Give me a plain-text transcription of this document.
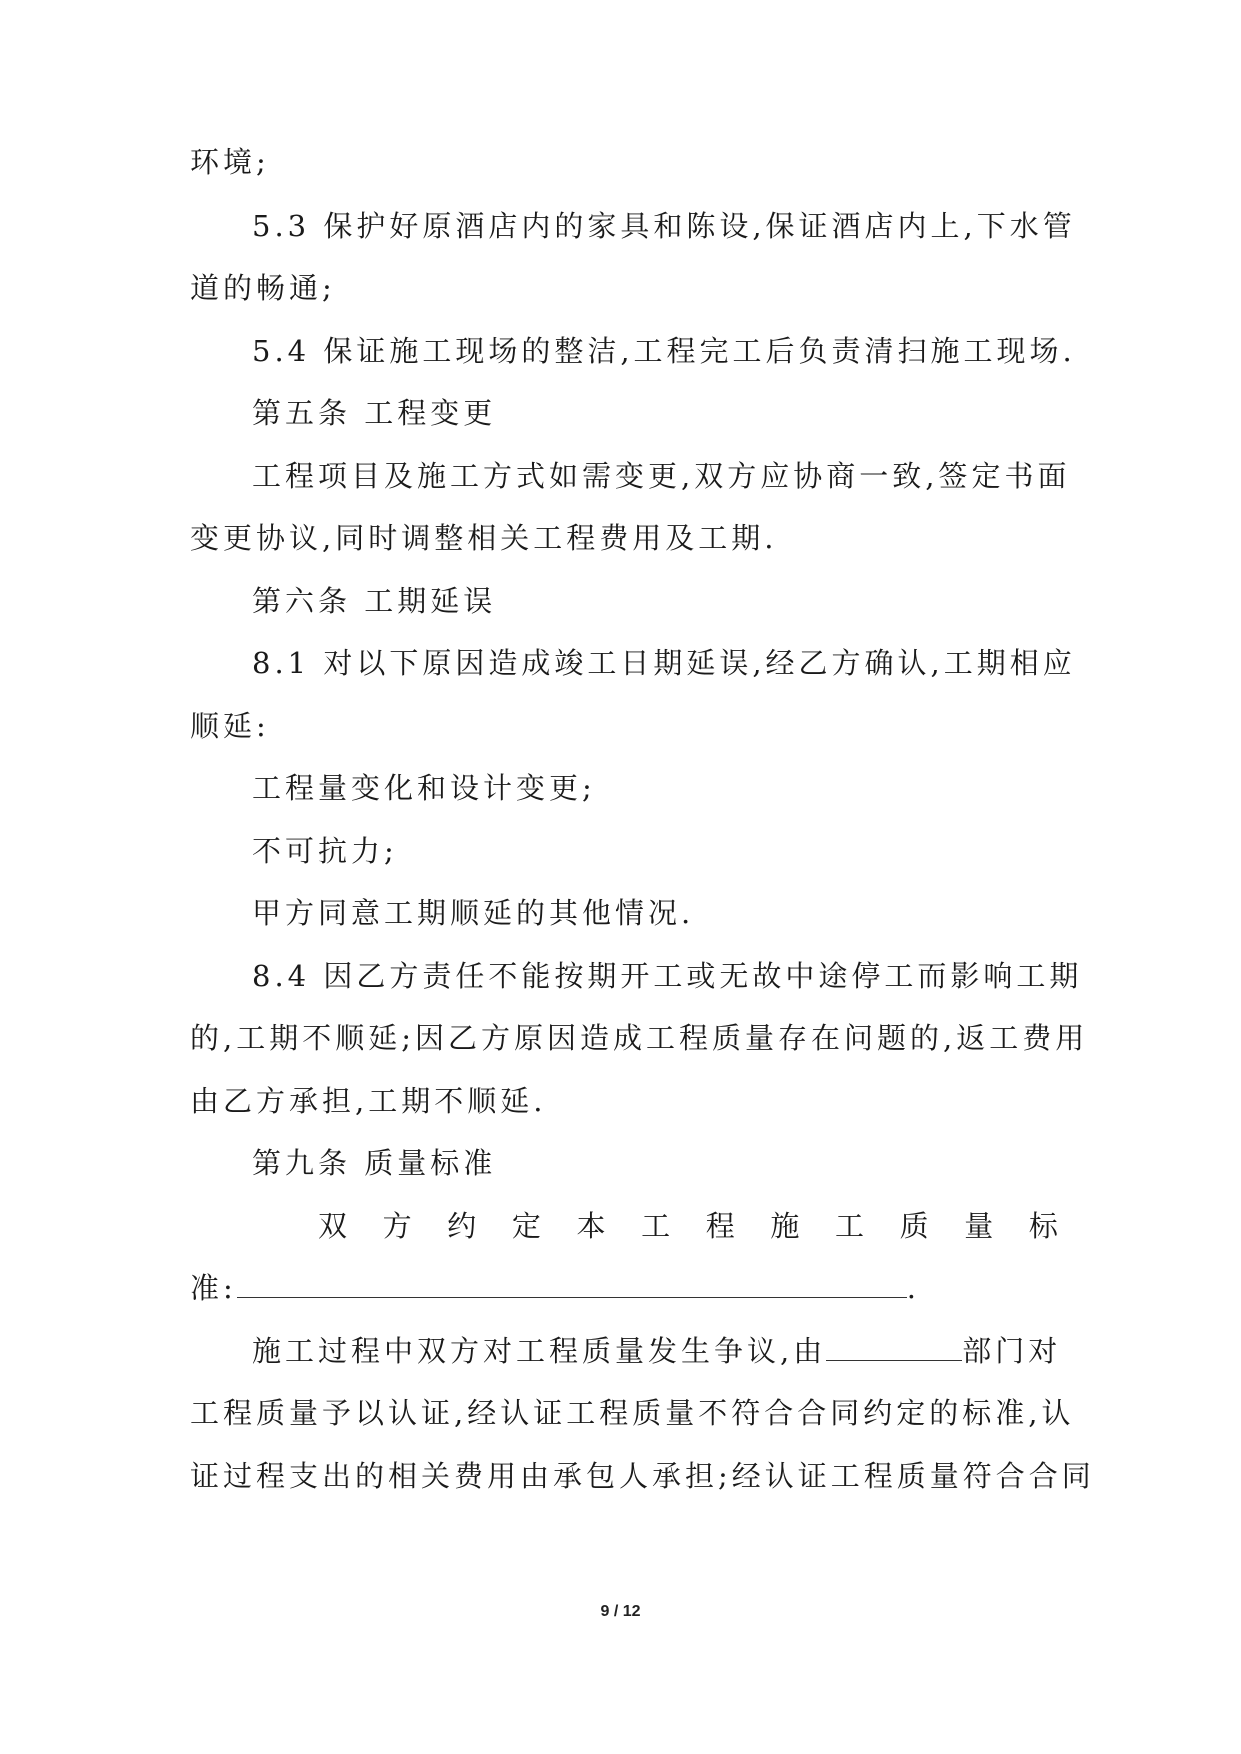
环境;
5.3 保护好原酒店内的家具和陈设,保证酒店内上,下水管
道的畅通;
5.4 保证施工现场的整洁,工程完工后负责清扫施工现场.
第五条 工程变更
工程项目及施工方式如需变更,双方应协商一致,签定书面
变更协议,同时调整相关工程费用及工期.
第六条 工期延误
8.1 对以下原因造成竣工日期延误,经乙方确认,工期相应
顺延:
工程量变化和设计变更;
不可抗力;
甲方同意工期顺延的其他情况.
8.4 因乙方责任不能按期开工或无故中途停工而影响工期
的,工期不顺延;因乙方原因造成工程质量存在问题的,返工费用
由乙方承担,工期不顺延.
第九条 质量标准
双 方 约 定 本 工 程 施 工 质 量 标
准:	.
施工过程中双方对工程质量发生争议,由	部门对
工程质量予以认证,经认证工程质量不符合合同约定的标准,认
证过程支出的相关费用由承包人承担;经认证工程质量符合合同
9 / 12
